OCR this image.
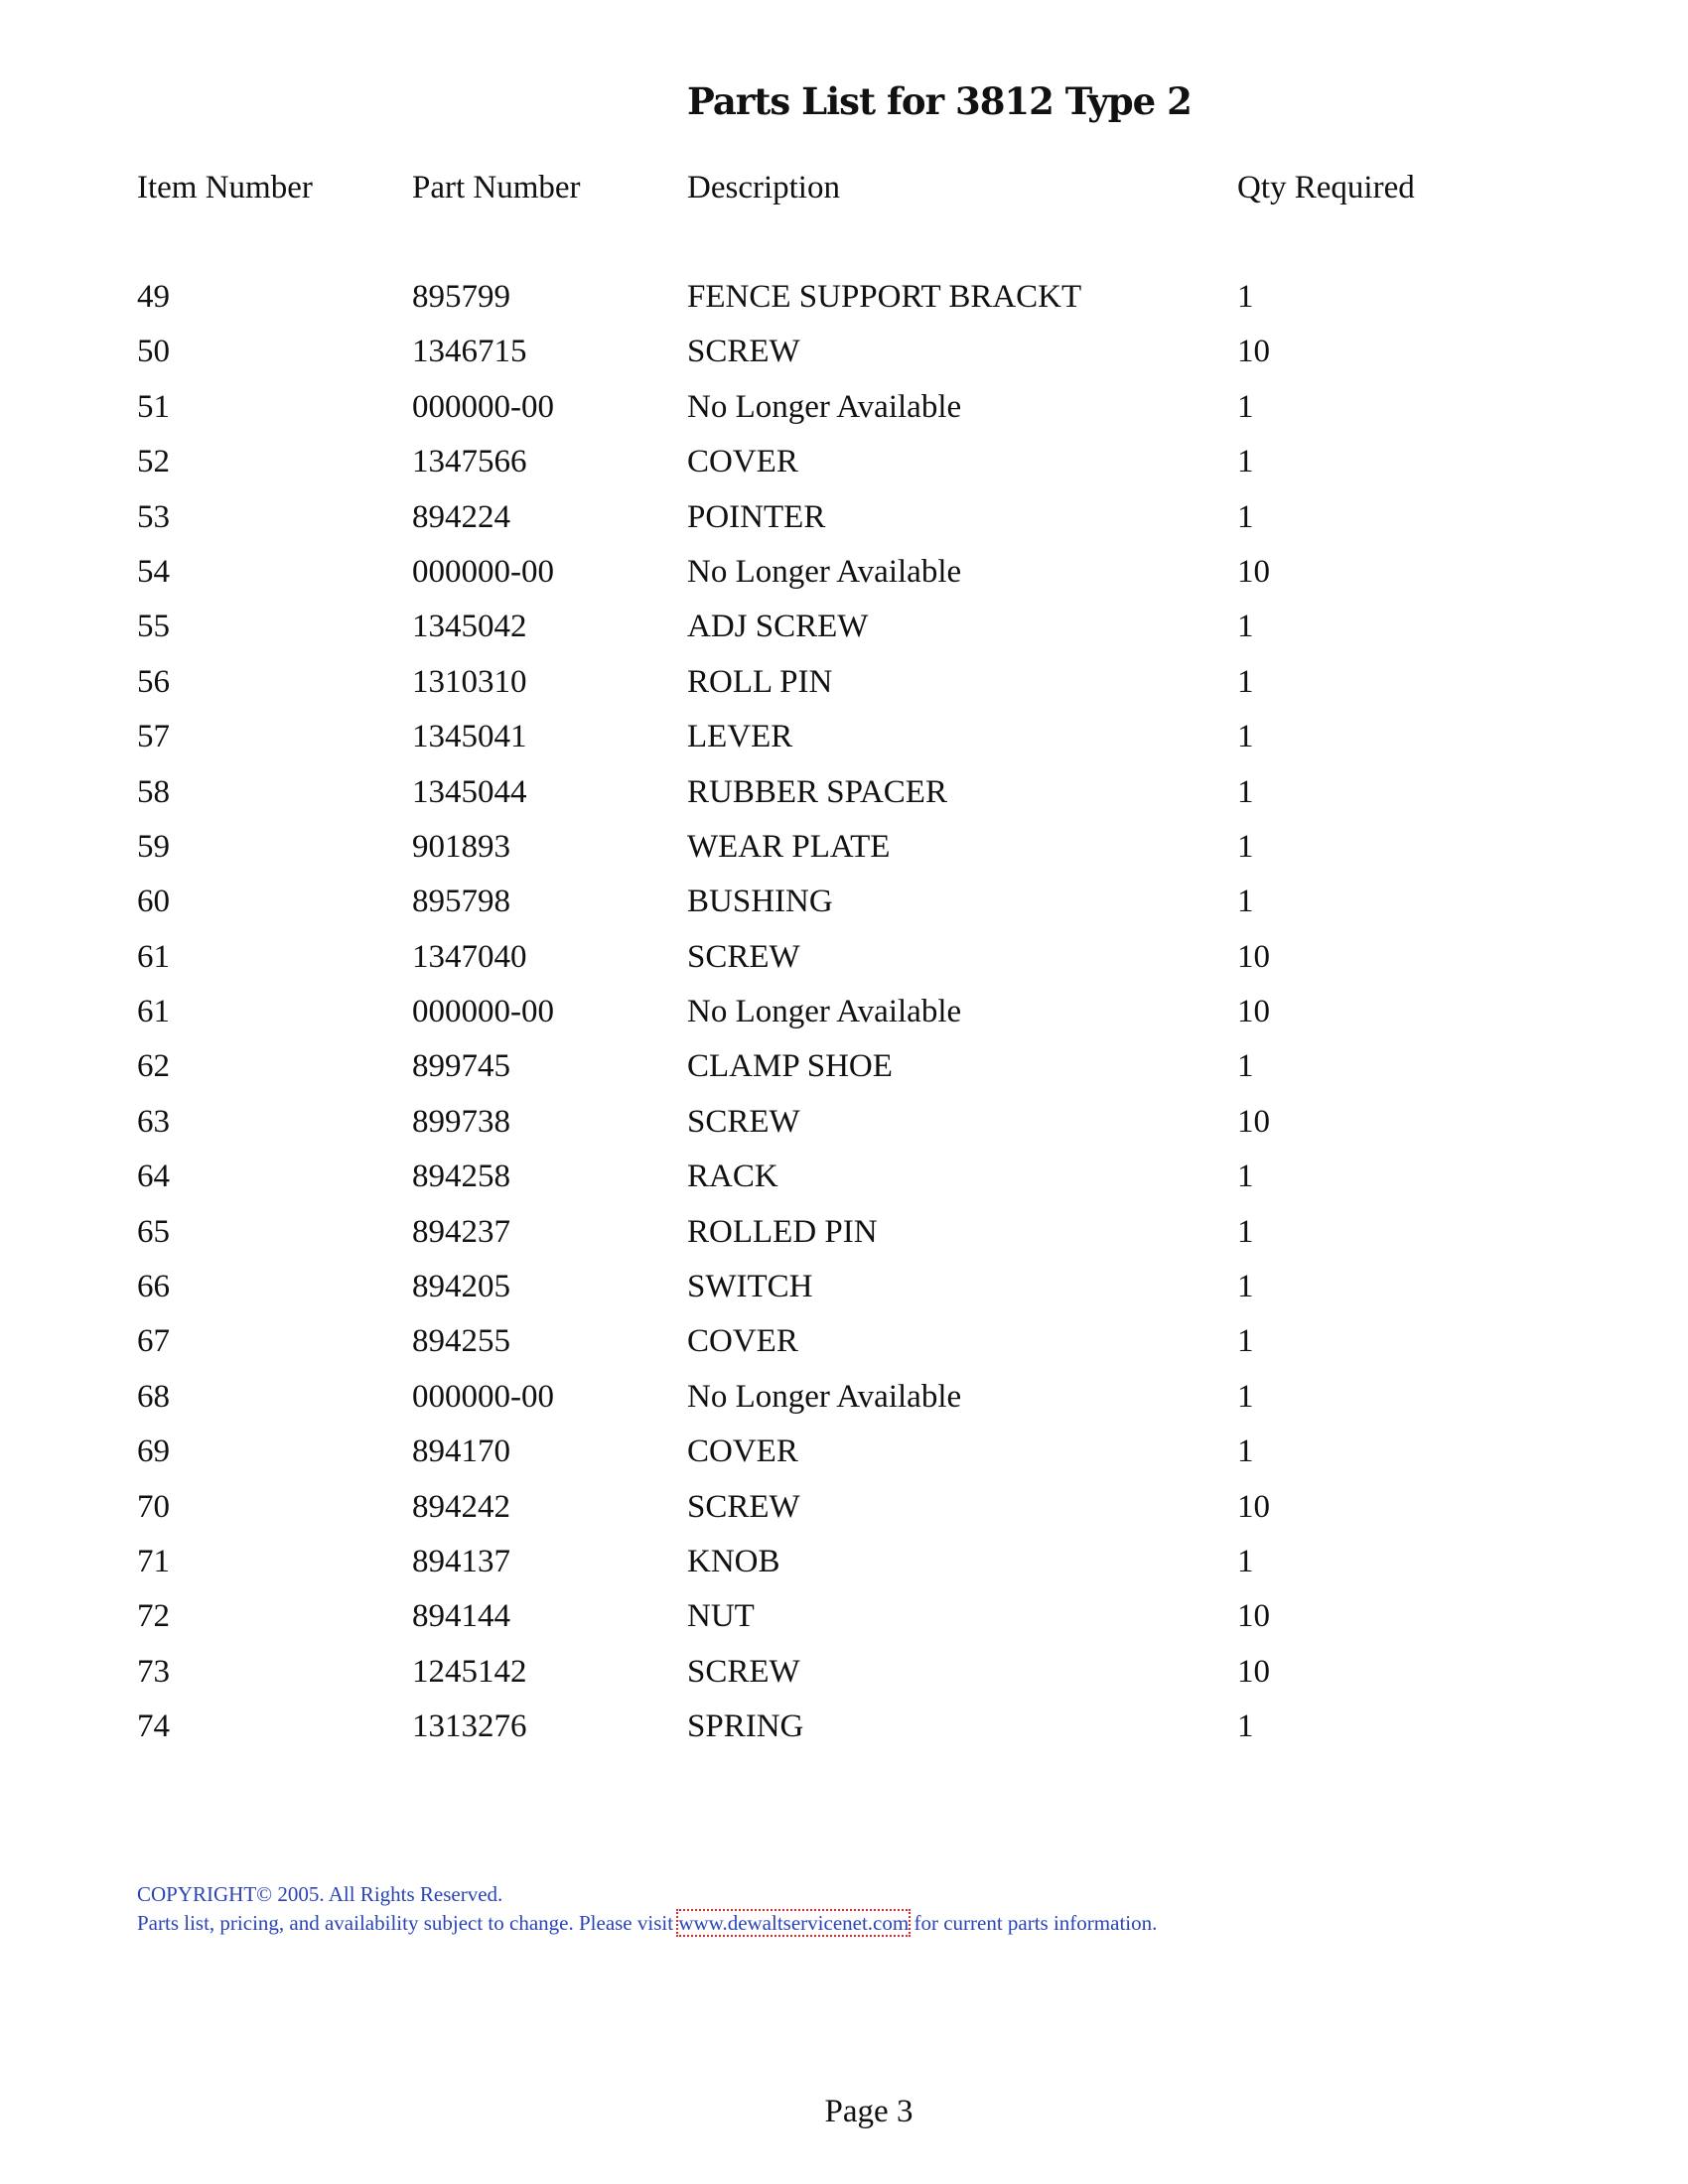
Parts List for 3812 Type 2
Item Number	Part Number	Description	Qty Required
49	895799	FENCE SUPPORT BRACKT	1
50	1346715	SCREW	10
51	000000-00	No Longer Available	1
52	1347566	COVER	1
53	894224	POINTER	1
54	000000-00	No Longer Available	10
55	1345042	ADJ SCREW	1
56	1310310	ROLL PIN	1
57	1345041	LEVER	1
58	1345044	RUBBER SPACER	1
59	901893	WEAR PLATE	1
60	895798	BUSHING	1
61	1347040	SCREW	10
61	000000-00	No Longer Available	10
62	899745	CLAMP SHOE	1
63	899738	SCREW	10
64	894258	RACK	1
65	894237	ROLLED PIN	1
66	894205	SWITCH	1
67	894255	COVER	1
68	000000-00	No Longer Available	1
69	894170	COVER	1
70	894242	SCREW	10
71	894137	KNOB	1
72	894144	NUT	10
73	1245142	SCREW	10
74	1313276	SPRING	1
COPYRIGHT© 2005. All Rights Reserved.
Parts list, pricing, and availability subject to change. Please visit www.dewaltservicenet.com for current parts information.
Page 3
